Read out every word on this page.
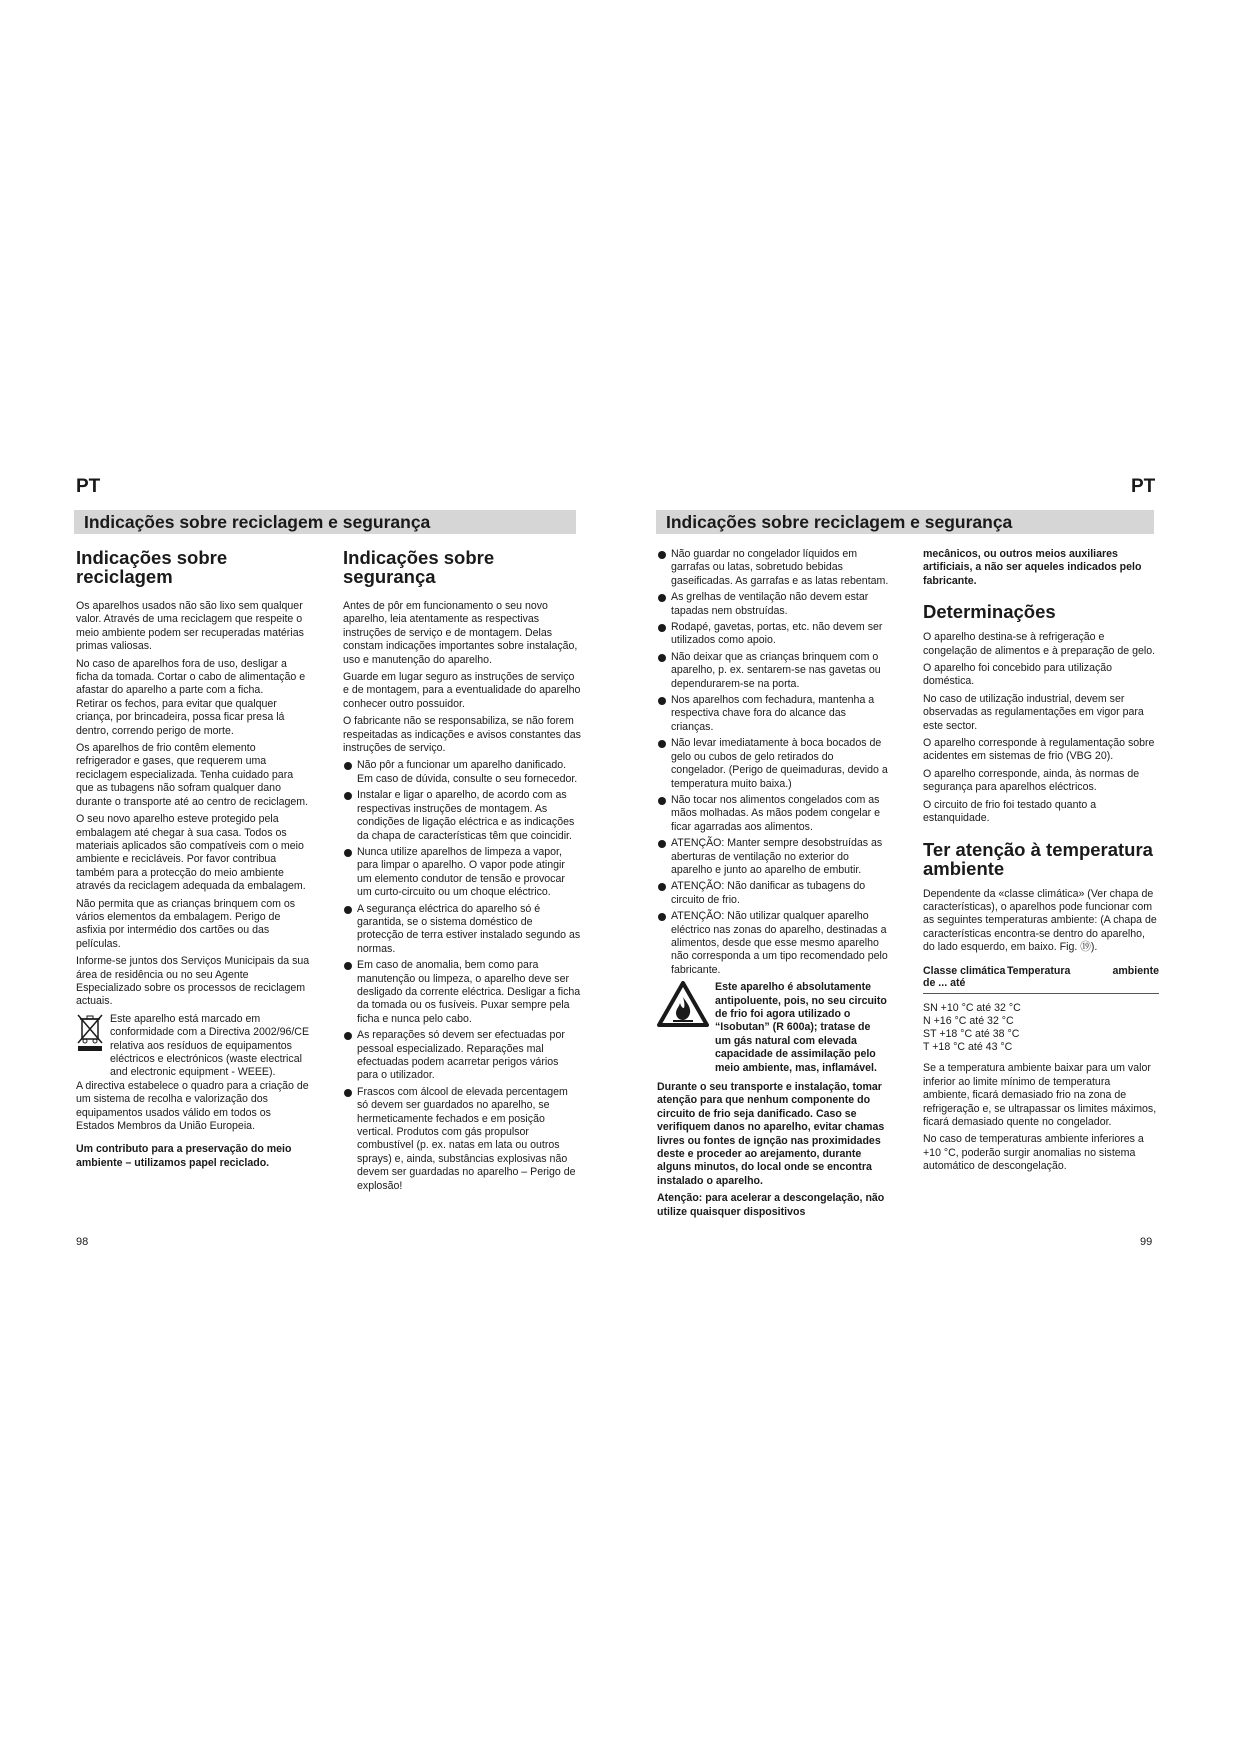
PT	PT
Indicações sobre reciclagem e segurança	Indicações sobre reciclagem e segurança
Indicações sobre reciclagem

Os aparelhos usados não são lixo sem qualquer valor. Através de uma reciclagem que respeite o meio ambiente podem ser recuperadas matérias primas valiosas.

No caso de aparelhos fora de uso, desligar a ficha da tomada. Cortar o cabo de alimentação e afastar do aparelho a parte com a ficha.

Retirar os fechos, para evitar que qualquer criança, por brincadeira, possa ficar presa lá dentro, correndo perigo de morte.

Os aparelhos de frio contêm elemento refrigerador e gases, que requerem uma reciclagem especializada. Tenha cuidado para que as tubagens não sofram qualquer dano durante o transporte até ao centro de reciclagem.

O seu novo aparelho esteve protegido pela embalagem até chegar à sua casa. Todos os materiais aplicados são compatíveis com o meio ambiente e recicláveis. Por favor contribua também para a protecção do meio ambiente através da reciclagem adequada da embalagem.

Não permita que as crianças brinquem com os vários elementos da embalagem. Perigo de asfixia por intermédio dos cartões ou das películas.

Informe-se juntos dos Serviços Municipais da sua área de residência ou no seu Agente Especializado sobre os processos de reciclagem actuais.

Este aparelho está marcado em conformidade com a Directiva 2002/96/CE relativa aos resíduos de equipamentos eléctricos e electrónicos (waste electrical and electronic equipment - WEEE).

A directiva estabelece o quadro para a criação de um sistema de recolha e valorização dos equipamentos usados válido em todos os Estados Membros da União Europeia.

Um contributo para a preservação do meio ambiente – utilizamos papel reciclado.

Indicações sobre segurança

Antes de pôr em funcionamento o seu novo aparelho, leia atentamente as respectivas instruções de serviço e de montagem. Delas constam indicações importantes sobre instalação, uso e manutenção do aparelho.

Guarde em lugar seguro as instruções de serviço e de montagem, para a eventualidade do aparelho conhecer outro possuidor.

O fabricante não se responsabiliza, se não forem respeitadas as indicações e avisos constantes das instruções de serviço.

Não pôr a funcionar um aparelho danificado. Em caso de dúvida, consulte o seu fornecedor.
Instalar e ligar o aparelho, de acordo com as respectivas instruções de montagem. As condições de ligação eléctrica e as indicações da chapa de características têm que coincidir.
Nunca utilize aparelhos de limpeza a vapor, para limpar o aparelho. O vapor pode atingir um elemento condutor de tensão e provocar um curto-circuito ou um choque eléctrico.
A segurança eléctrica do aparelho só é garantida, se o sistema doméstico de protecção de terra estiver instalado segundo as normas.
Em caso de anomalia, bem como para manutenção ou limpeza, o aparelho deve ser desligado da corrente eléctrica. Desligar a ficha da tomada ou os fusíveis. Puxar sempre pela ficha e nunca pelo cabo.
As reparações só devem ser efectuadas por pessoal especializado. Reparações mal efectuadas podem acarretar perigos vários para o utilizador.
Frascos com álcool de elevada percentagem só devem ser guardados no aparelho, se hermeticamente fechados e em posição vertical. Produtos com gás propulsor combustível (p. ex. natas em lata ou outros sprays) e, ainda, substâncias explosivas não devem ser guardadas no aparelho – Perigo de explosão!
98
Não guardar no congelador líquidos em garrafas ou latas, sobretudo bebidas gaseificadas. As garrafas e as latas rebentam.
As grelhas de ventilação não devem estar tapadas nem obstruídas.
Rodapé, gavetas, portas, etc. não devem ser utilizados como apoio.
Não deixar que as crianças brinquem com o aparelho, p. ex. sentarem-se nas gavetas ou dependurarem-se na porta.
Nos aparelhos com fechadura, mantenha a respectiva chave fora do alcance das crianças.
Não levar imediatamente à boca bocados de gelo ou cubos de gelo retirados do congelador. (Perigo de queimaduras, devido a temperatura muito baixa.)
Não tocar nos alimentos congelados com as mãos molhadas. As mãos podem congelar e ficar agarradas aos alimentos.
ATENÇÃO: Manter sempre desobstruídas as aberturas de ventilação no exterior do aparelho e junto ao aparelho de embutir.
ATENÇÃO: Não danificar as tubagens do circuito de frio.
ATENÇÃO: Não utilizar qualquer aparelho eléctrico nas zonas do aparelho, destinadas a alimentos, desde que esse mesmo aparelho não corresponda a um tipo recomendado pelo fabricante.
Este aparelho é absolutamente antipoluente, pois, no seu circuito de frio foi agora utilizado o “Isobutan” (R 600a); tratase de um gás natural com elevada capacidade de assimilação pelo meio ambiente, mas, inflamável.

Durante o seu transporte e instalação, tomar atenção para que nenhum componente do circuito de frio seja danificado. Caso se verifiquem danos no aparelho, evitar chamas livres ou fontes de ignção nas proximidades deste e proceder ao arejamento, durante alguns minutos, do local onde se encontra instalado o aparelho.

Atenção: para acelerar a descongelação, não utilize quaisquer dispositivos

mecânicos, ou outros meios auxiliares artificiais, a não ser aqueles indicados pelo fabricante.

Determinações

O aparelho destina-se à refrigeração e congelação de alimentos e à preparação de gelo.

O aparelho foi concebido para utilização doméstica.

No caso de utilização industrial, devem ser observadas as regulamentações em vigor para este sector.

O aparelho corresponde à regulamentação sobre acidentes em sistemas de frio (VBG 20).

O aparelho corresponde, ainda, às normas de segurança para aparelhos eléctricos.

O circuito de frio foi testado quanto a estanquidade.

Ter atenção à temperatura ambiente

Dependente da «classe climática» (Ver chapa de características), o aparelhos pode funcionar com as seguintes temperaturas ambiente: (A chapa de características encontra-se dentro do aparelho, do lado esquerdo, em baixo. Fig. ⑲).

Classe climática de ... até	Temperatura	ambiente
SN +10 °C até 32 °C
N +16 °C até 32 °C
ST +18 °C até 38 °C
T +18 °C até 43 °C

Se a temperatura ambiente baixar para um valor inferior ao limite mínimo de temperatura ambiente, ficará demasiado frio na zona de refrigeração e, se ultrapassar os limites máximos, ficará demasiado quente no congelador.

No caso de temperaturas ambiente inferiores a +10 °C, poderão surgir anomalias no sistema automático de descongelação.

99
